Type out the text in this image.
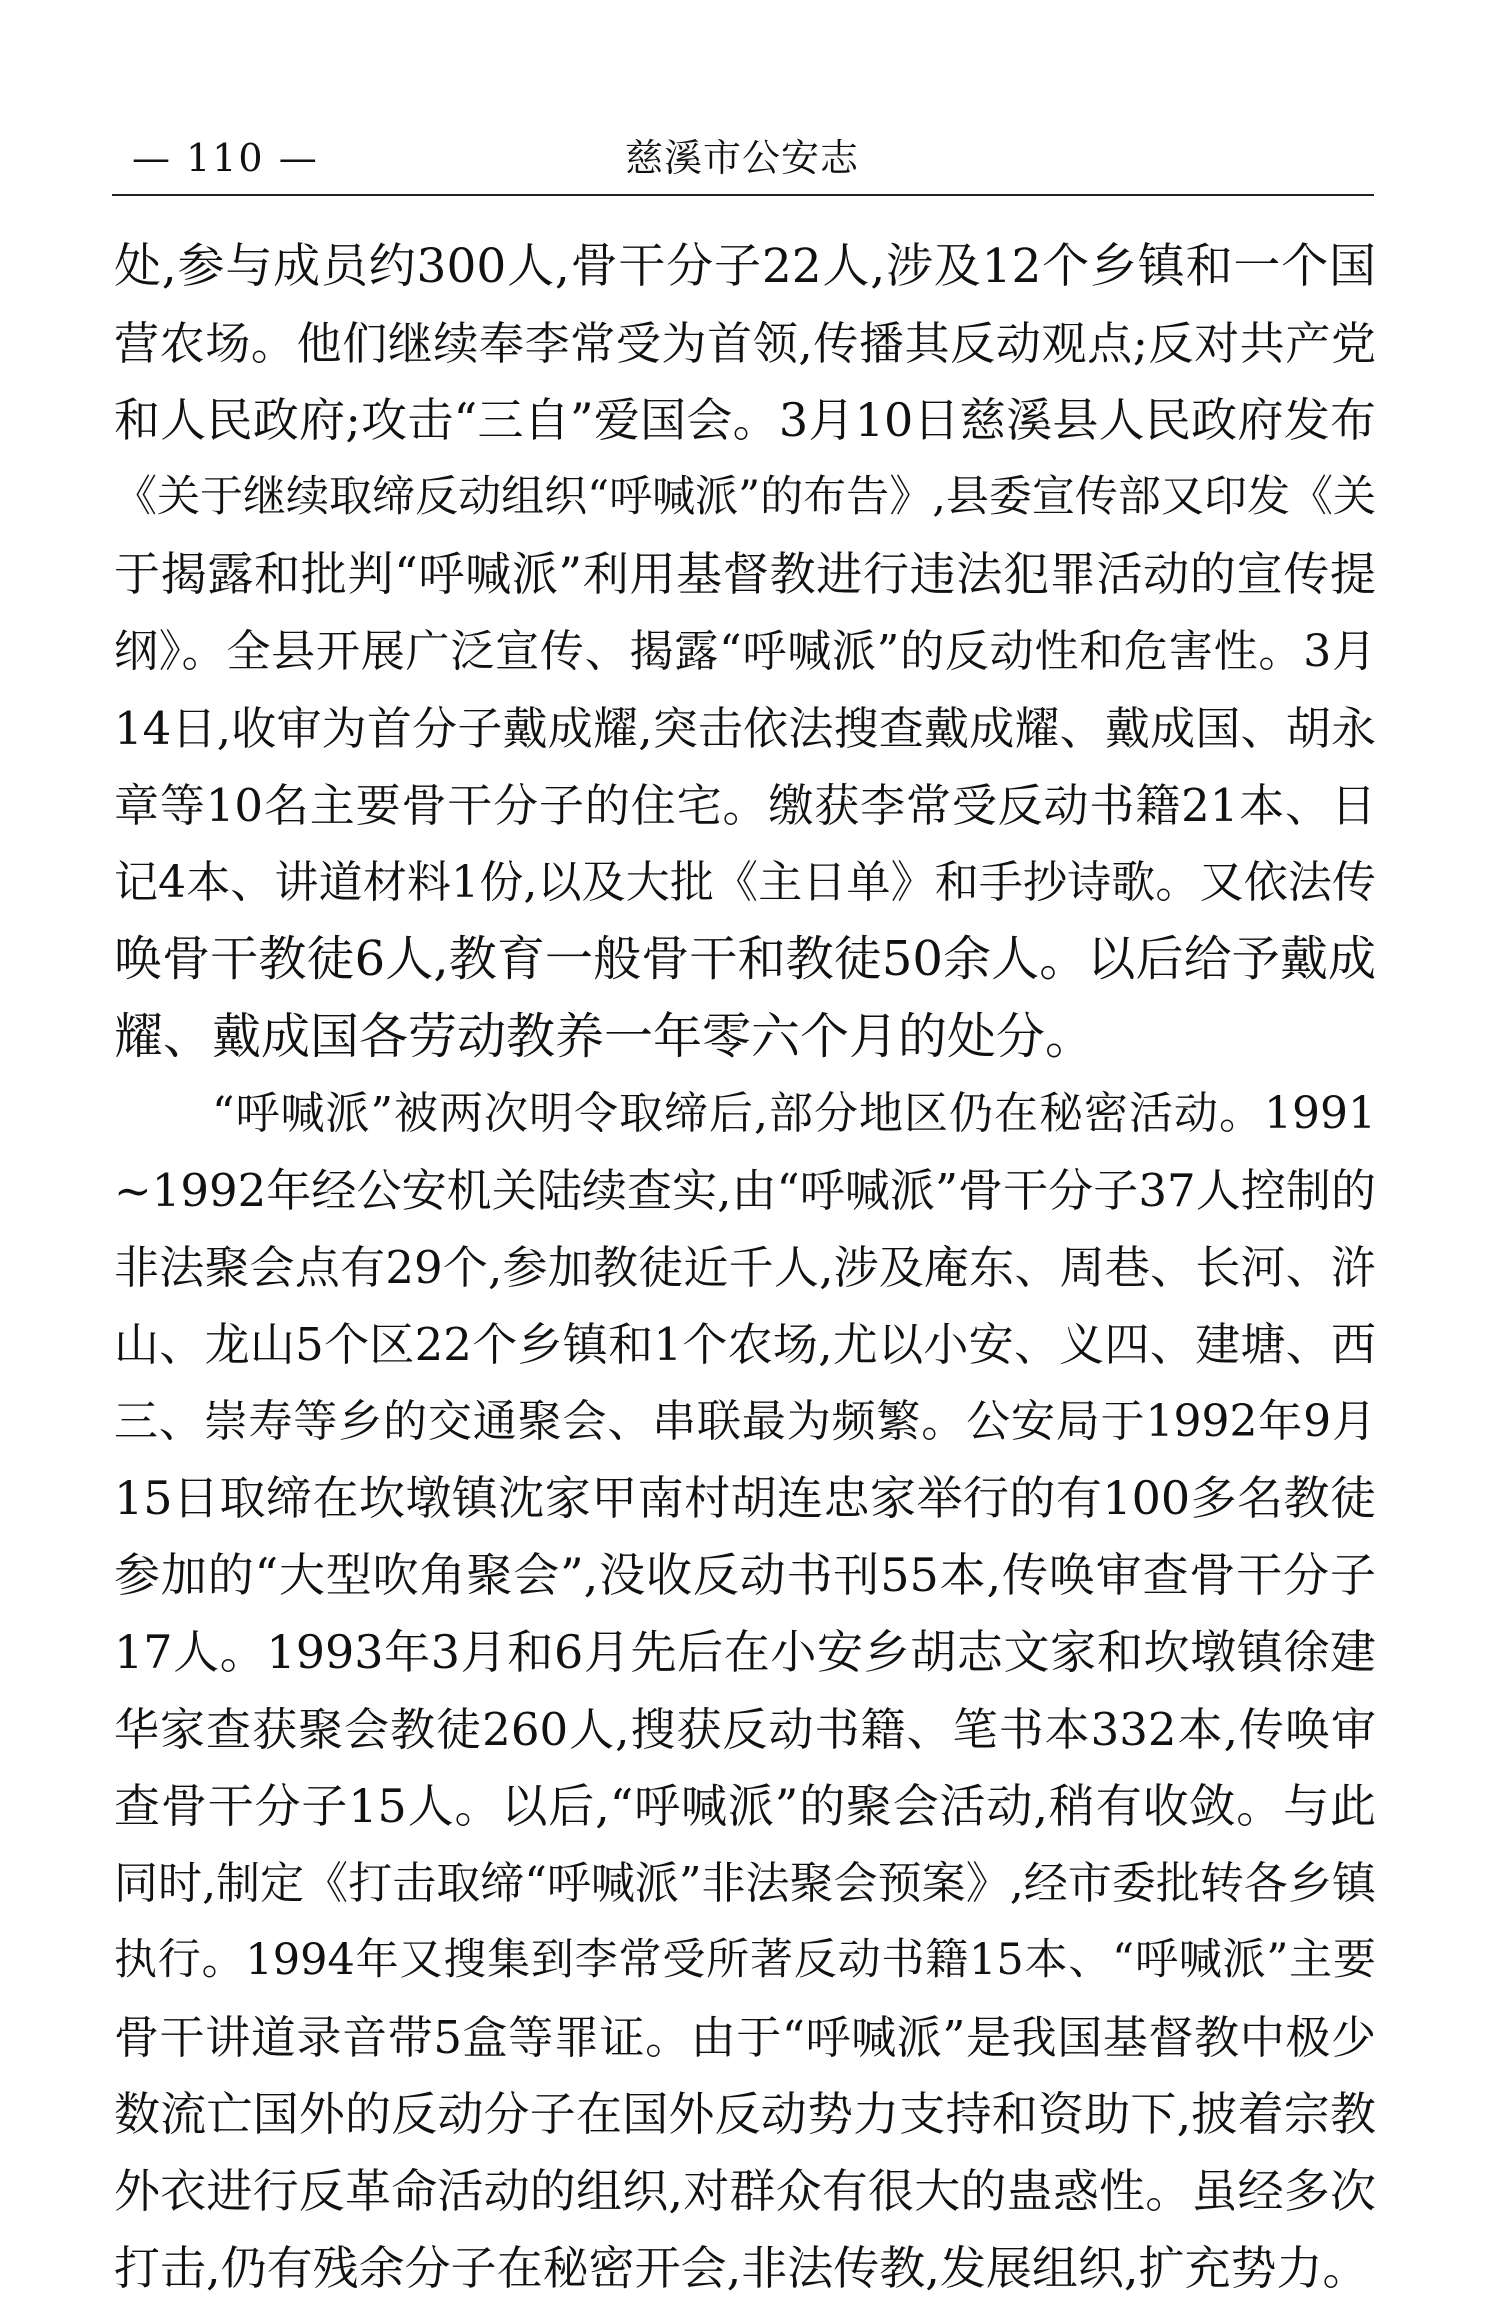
慈溪市公安志
— 110 —
处,参与成员约300人,骨干分子22人,涉及12个乡镇和一个国
营农场。他们继续奉李常受为首领,传播其反动观点;反对共产党
和人民政府;攻击“三自”爱国会。3月10日慈溪县人民政府发布
《关于继续取缔反动组织“呼喊派”的布告》,县委宣传部又印发《关
于揭露和批判“呼喊派”利用基督教进行违法犯罪活动的宣传提
纲》。全县开展广泛宣传、揭露“呼喊派”的反动性和危害性。3月
14日,收审为首分子戴成耀,突击依法搜查戴成耀、戴成国、胡永
章等10名主要骨干分子的住宅。缴获李常受反动书籍21本、日
记4本、讲道材料1份,以及大批《主日单》和手抄诗歌。又依法传
唤骨干教徒6人,教育一般骨干和教徒50余人。以后给予戴成
耀、戴成国各劳动教养一年零六个月的处分。
“呼喊派”被两次明令取缔后,部分地区仍在秘密活动。1991
~1992年经公安机关陆续查实,由“呼喊派”骨干分子37人控制的
非法聚会点有29个,参加教徒近千人,涉及庵东、周巷、长河、浒
山、龙山5个区22个乡镇和1个农场,尤以小安、义四、建塘、西
三、崇寿等乡的交通聚会、串联最为频繁。公安局于1992年9月
15日取缔在坎墩镇沈家甲南村胡连忠家举行的有100多名教徒
参加的“大型吹角聚会”,没收反动书刊55本,传唤审查骨干分子
17人。1993年3月和6月先后在小安乡胡志文家和坎墩镇徐建
华家查获聚会教徒260人,搜获反动书籍、笔书本332本,传唤审
查骨干分子15人。以后,“呼喊派”的聚会活动,稍有收敛。与此
同时,制定《打击取缔“呼喊派”非法聚会预案》,经市委批转各乡镇
执行。1994年又搜集到李常受所著反动书籍15本、“呼喊派”主要
骨干讲道录音带5盒等罪证。由于“呼喊派”是我国基督教中极少
数流亡国外的反动分子在国外反动势力支持和资助下,披着宗教
外衣进行反革命活动的组织,对群众有很大的蛊惑性。虽经多次
打击,仍有残余分子在秘密开会,非法传教,发展组织,扩充势力。
